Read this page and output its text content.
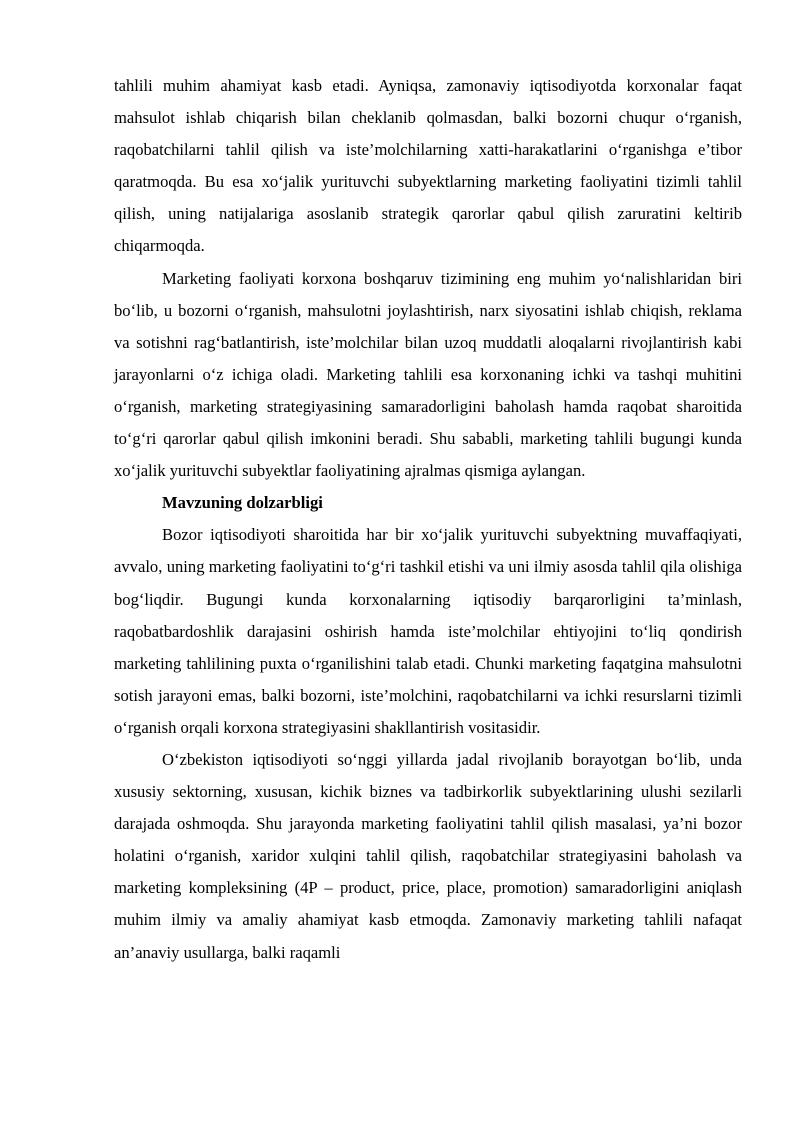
tahlili muhim ahamiyat kasb etadi. Ayniqsa, zamonaviy iqtisodiyotda korxonalar faqat mahsulot ishlab chiqarish bilan cheklanib qolmasdan, balki bozorni chuqur o‘rganish, raqobatchilarni tahlil qilish va iste’molchilarning xatti-harakatlarini o‘rganishga e’tibor qaratmoqda. Bu esa xo‘jalik yurituvchi subyektlarning marketing faoliyatini tizimli tahlil qilish, uning natijalariga asoslanib strategik qarorlar qabul qilish zaruratini keltirib chiqarmoqda.

Marketing faoliyati korxona boshqaruv tizimining eng muhim yo‘nalishlaridan biri bo‘lib, u bozorni o‘rganish, mahsulotni joylashtirish, narx siyosatini ishlab chiqish, reklama va sotishni rag‘batlantirish, iste’molchilar bilan uzoq muddatli aloqalarni rivojlantirish kabi jarayonlarni o‘z ichiga oladi. Marketing tahlili esa korxonaning ichki va tashqi muhitini o‘rganish, marketing strategiyasining samaradorligini baholash hamda raqobat sharoitida to‘g‘ri qarorlar qabul qilish imkonini beradi. Shu sababli, marketing tahlili bugungi kunda xo‘jalik yurituvchi subyektlar faoliyatining ajralmas qismiga aylangan.

Mavzuning dolzarbligi

Bozor iqtisodiyoti sharoitida har bir xo‘jalik yurituvchi subyektning muvaffaqiyati, avvalo, uning marketing faoliyatini to‘g‘ri tashkil etishi va uni ilmiy asosda tahlil qila olishiga bog‘liqdir. Bugungi kunda korxonalarning iqtisodiy barqarorligini ta’minlash, raqobatbardoshlik darajasini oshirish hamda iste’molchilar ehtiyojini to‘liq qondirish marketing tahlilining puxta o‘rganilishini talab etadi. Chunki marketing faqatgina mahsulotni sotish jarayoni emas, balki bozorni, iste’molchini, raqobatchilarni va ichki resurslarni tizimli o‘rganish orqali korxona strategiyasini shakllantirish vositasidir.

O‘zbekiston iqtisodiyoti so‘nggi yillarda jadal rivojlanib borayotgan bo‘lib, unda xususiy sektorning, xususan, kichik biznes va tadbirkorlik subyektlarining ulushi sezilarli darajada oshmoqda. Shu jarayonda marketing faoliyatini tahlil qilish masalasi, ya’ni bozor holatini o‘rganish, xaridor xulqini tahlil qilish, raqobatchilar strategiyasini baholash va marketing kompleksining (4P – product, price, place, promotion) samaradorligini aniqlash muhim ilmiy va amaliy ahamiyat kasb etmoqda. Zamonaviy marketing tahlili nafaqat an’anaviy usullarga, balki raqamli
